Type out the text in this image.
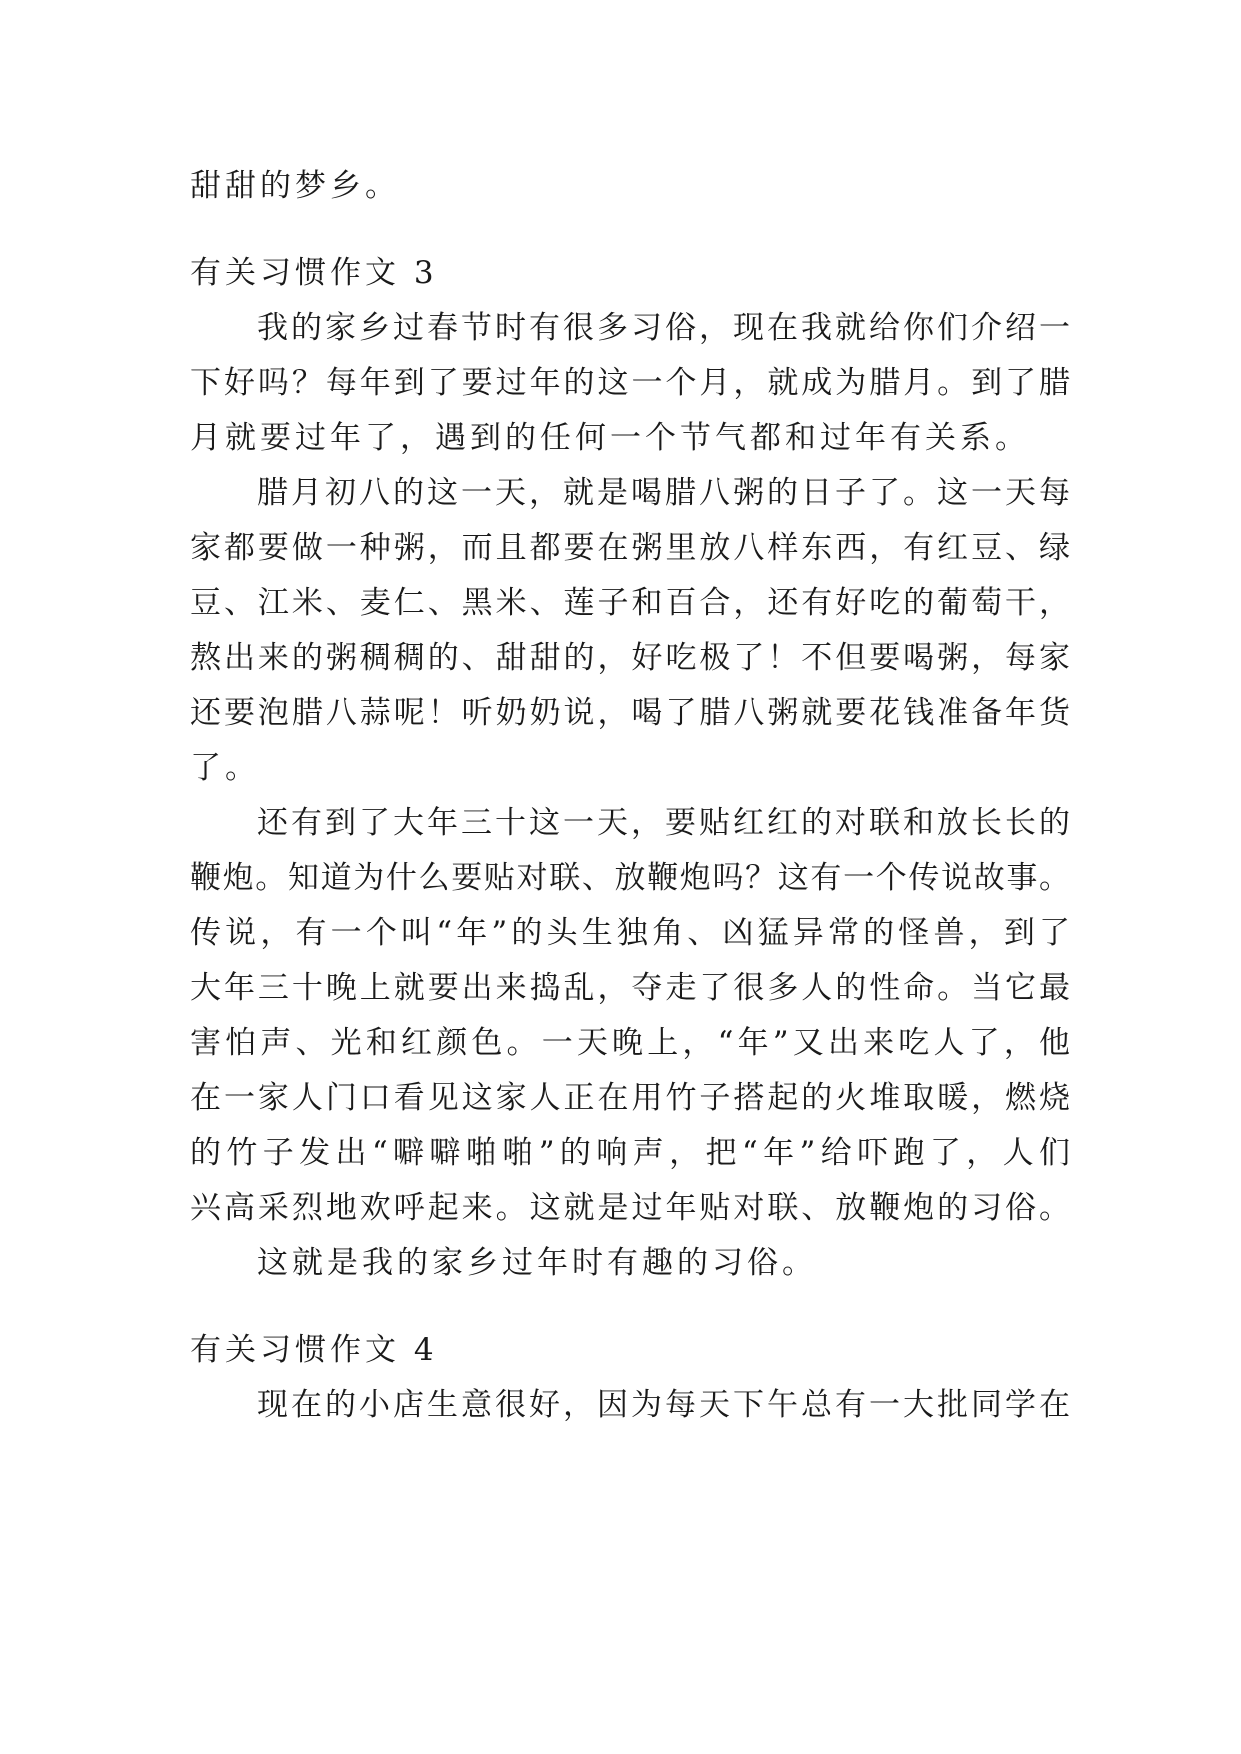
甜甜的梦乡。
有关习惯作文 3
我的家乡过春节时有很多习俗，现在我就给你们介绍一
下好吗？每年到了要过年的这一个月，就成为腊月。到了腊
月就要过年了，遇到的任何一个节气都和过年有关系。
腊月初八的这一天，就是喝腊八粥的日子了。这一天每
家都要做一种粥，而且都要在粥里放八样东西，有红豆、绿
豆、江米、麦仁、黑米、莲子和百合，还有好吃的葡萄干，
熬出来的粥稠稠的、甜甜的，好吃极了！不但要喝粥，每家
还要泡腊八蒜呢！听奶奶说，喝了腊八粥就要花钱准备年货
了。
还有到了大年三十这一天，要贴红红的对联和放长长的
鞭炮。知道为什么要贴对联、放鞭炮吗？这有一个传说故事。
传说，有一个叫“年”的头生独角、凶猛异常的怪兽，到了
大年三十晚上就要出来捣乱，夺走了很多人的性命。当它最
害怕声、光和红颜色。一天晚上，“年”又出来吃人了，他
在一家人门口看见这家人正在用竹子搭起的火堆取暖，燃烧
的竹子发出“噼噼啪啪”的响声，把“年”给吓跑了，人们
兴高采烈地欢呼起来。这就是过年贴对联、放鞭炮的习俗。
这就是我的家乡过年时有趣的习俗。
有关习惯作文 4
现在的小店生意很好，因为每天下午总有一大批同学在
